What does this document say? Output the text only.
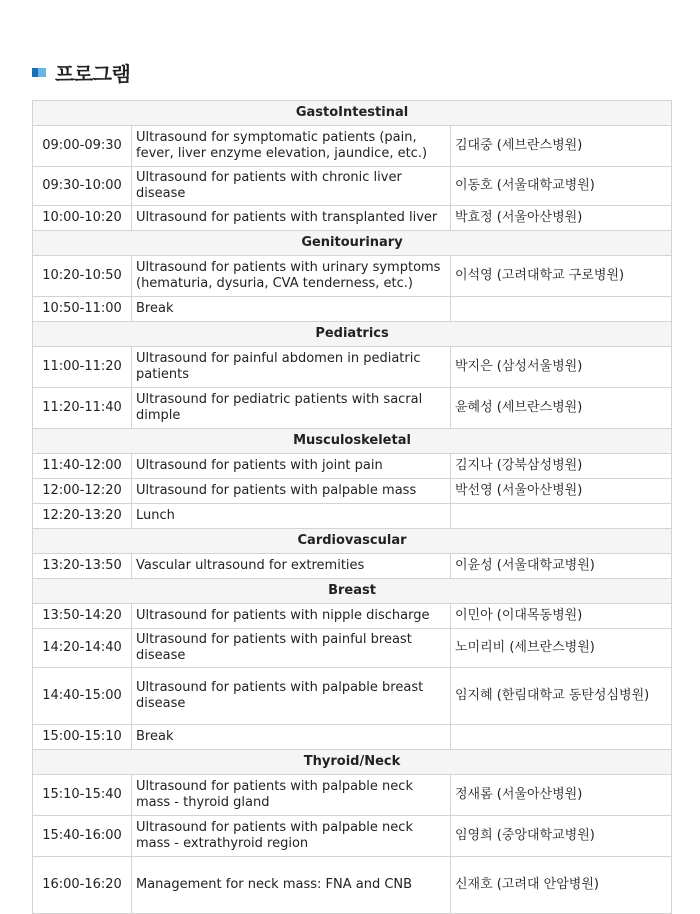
프로그램
GastoIntestinal		
09:00-09:30	Ultrasound for symptomatic patients (pain, fever, liver enzyme elevation, jaundice, etc.)	김대중 (세브란스병원)
09:30-10:00	Ultrasound for patients with chronic liver disease	이동호 (서울대학교병원)
10:00-10:20	Ultrasound for patients with transplanted liver	박효정 (서울아산병원)
Genitourinary		
10:20-10:50	Ultrasound for patients with urinary symptoms (hematuria, dysuria, CVA tenderness, etc.)	이석영 (고려대학교 구로병원)
10:50-11:00	Break	
Pediatrics		
11:00-11:20	Ultrasound for painful abdomen in pediatric patients	박지은 (삼성서울병원)
11:20-11:40	Ultrasound for pediatric patients with sacral dimple	윤혜성 (세브란스병원)
Musculoskeletal		
11:40-12:00	Ultrasound for patients with joint pain	김지나 (강북삼성병원)
12:00-12:20	Ultrasound for patients with palpable mass	박선영 (서울아산병원)
12:20-13:20	Lunch	
Cardiovascular		
13:20-13:50	Vascular ultrasound for extremities	이윤성 (서울대학교병원)
Breast		
13:50-14:20	Ultrasound for patients with nipple discharge	이민아 (이대목동병원)
14:20-14:40	Ultrasound for patients with painful breast disease	노미리비 (세브란스병원)
14:40-15:00	Ultrasound for patients with palpable breast disease	임지혜 (한림대학교 동탄성심병원)
15:00-15:10	Break	
Thyroid/Neck		
15:10-15:40	Ultrasound for patients with palpable neck mass - thyroid gland	정새롬 (서울아산병원)
15:40-16:00	Ultrasound for patients with palpable neck mass - extrathyroid region	임영희 (중앙대학교병원)
16:00-16:20	Management for neck mass: FNA and CNB	신재호 (고려대 안암병원)
